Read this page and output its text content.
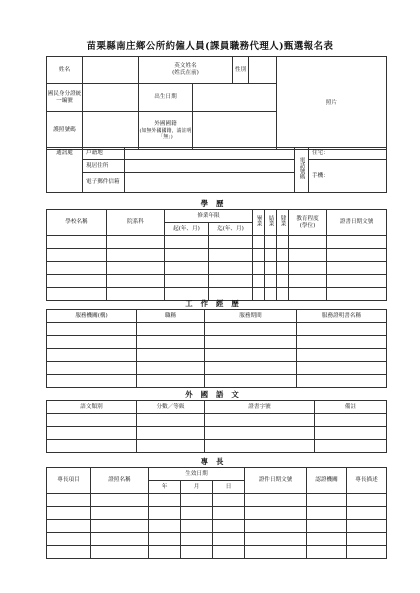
苗栗縣南庄鄉公所約僱人員(課員職務代理人)甄選報名表
姓名		英文姓名
(姓氏在前)		性別		照片
國民身分證統一編號		出生日期				
護照號碼		外國國籍
(如無外國國籍，請註明「無」)				

通訊處	戶籍地		電話號碼	住宅：
	現居住所			手機：
	電子郵件信箱			
學歷
學校名稱	院系科	修業年限		畢業	結業	肄業	教育程度
(學位)	證書日期文號
		起(年、月)	迄(年、月)					

工作經歷
服務機關(構)	職稱	服務期間	服務證明書名稱

外國語文
語文類別	分數／等級	證書字號	備註

專長
專長項目	證照名稱	生效日期			證件日期文號	認證機關	專長描述
		年	月	日			
